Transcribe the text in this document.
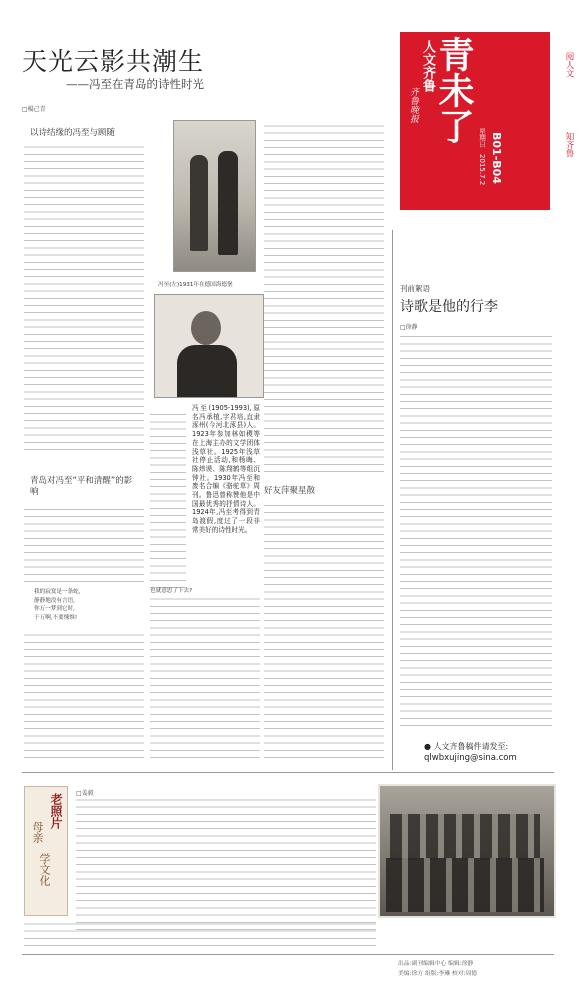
天光云影共潮生
——冯至在青岛的诗性时光
□楊己青	青未了
人文齐鲁
齐鲁晚报
星期日
2015.7.2 B01-B04
阅人文
知齐鲁
刊前絮语
诗歌是他的行李
□徐静
● 人文齐鲁稿件请发至:
qlwbxujing@sina.com
以诗结缘的冯至与顾随
青岛对冯至“平和清醒”的影响
我的寂寞是一条蛇,
静静地没有言语,
你万一梦到它时,
千万啊,不要悚惧!
冯至(左)1931年在德国海德堡
冯至(1905-1993),原名冯承植,字君培,直隶涿州(今河北涿县)人。1923年参加林如稷等在上海主办的文学团体浅草社。1925年浅草社停止活动,和杨晦、陈炜谟、陈翔鹤等组沉钟社。1930年冯至和废名合编《骆驼草》周刊。鲁迅曾称赞他是中国最优秀的抒情诗人。1924年,冯至考得到青岛渡假,度过了一段非常美好的诗性时光。
也就意思了下去?
好友萍聚星散
老照片
母亲
学文化
□姜毅
出品:副刊编辑中心 编辑:徐静
美编:徐方 组版:李琳 校对:周德
